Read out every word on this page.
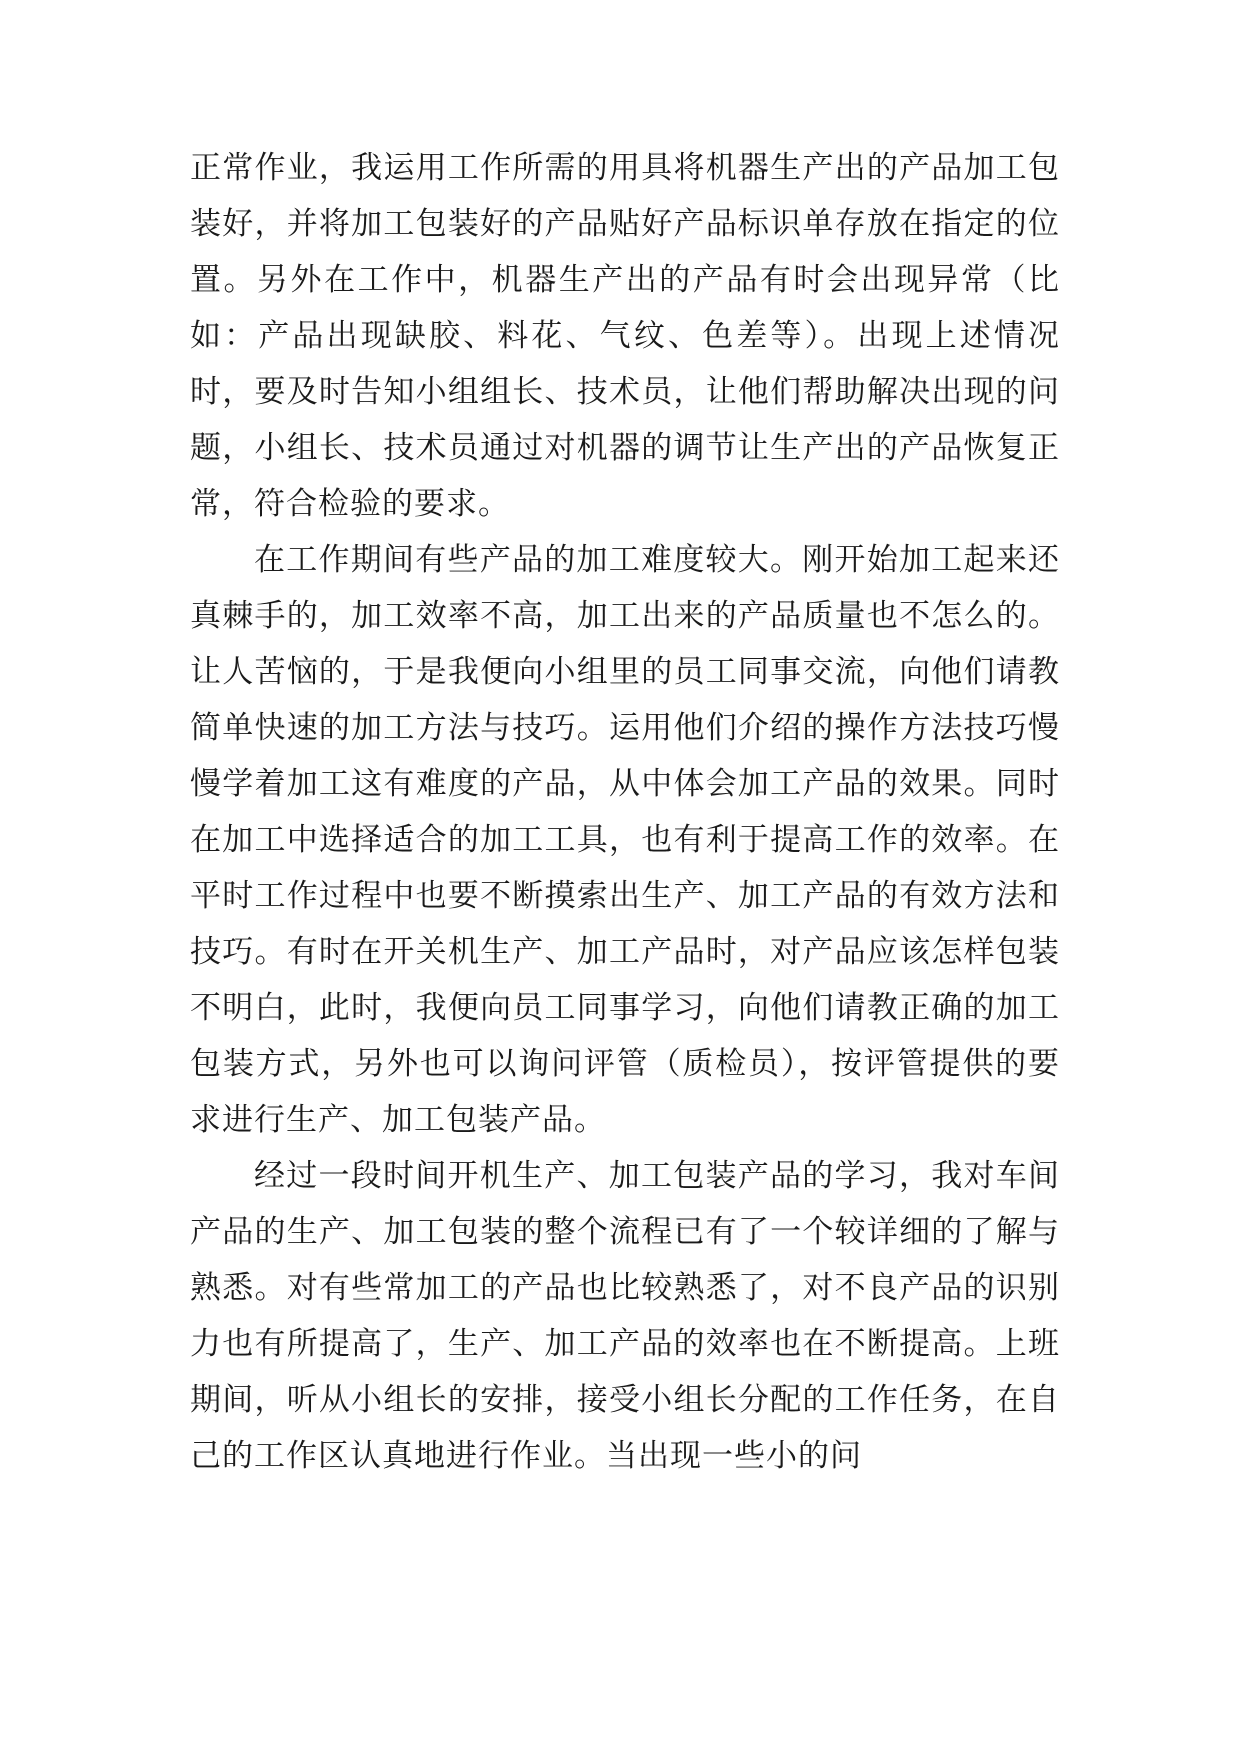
正常作业，我运用工作所需的用具将机器生产出的产品加工包装好，并将加工包装好的产品贴好产品标识单存放在指定的位置。另外在工作中，机器生产出的产品有时会出现异常（比如：产品出现缺胶、料花、气纹、色差等）。出现上述情况时，要及时告知小组组长、技术员，让他们帮助解决出现的问题，小组长、技术员通过对机器的调节让生产出的产品恢复正常，符合检验的要求。

在工作期间有些产品的加工难度较大。刚开始加工起来还真棘手的，加工效率不高，加工出来的产品质量也不怎么的。让人苦恼的，于是我便向小组里的员工同事交流，向他们请教简单快速的加工方法与技巧。运用他们介绍的操作方法技巧慢慢学着加工这有难度的产品，从中体会加工产品的效果。同时在加工中选择适合的加工工具，也有利于提高工作的效率。在平时工作过程中也要不断摸索出生产、加工产品的有效方法和技巧。有时在开关机生产、加工产品时，对产品应该怎样包装不明白，此时，我便向员工同事学习，向他们请教正确的加工包装方式，另外也可以询问评管（质检员），按评管提供的要求进行生产、加工包装产品。

经过一段时间开机生产、加工包装产品的学习，我对车间产品的生产、加工包装的整个流程已有了一个较详细的了解与熟悉。对有些常加工的产品也比较熟悉了，对不良产品的识别力也有所提高了，生产、加工产品的效率也在不断提高。上班期间，听从小组长的安排，接受小组长分配的工作任务，在自己的工作区认真地进行作业。当出现一些小的问
